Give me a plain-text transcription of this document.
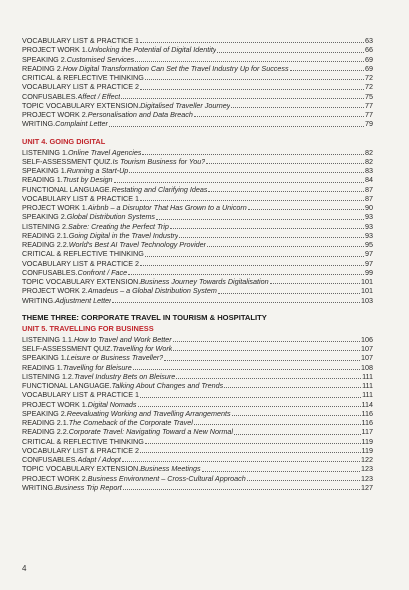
VOCABULARY LIST & PRACTICE 1	63
PROJECT WORK 1. Unlocking the Potential of Digital Identity	66
SPEAKING 2. Customised Services	69
READING 2. How Digital Transformation Can Set the Travel Industry Up for Success	69
CRITICAL & REFLECTIVE THINKING	72
VOCABULARY LIST & PRACTICE 2	72
CONFUSABLES. Affect / Effect	75
TOPIC VOCABULARY EXTENSION. Digitalised Traveller Journey	77
PROJECT WORK 2. Personalisation and Data Breach	77
WRITING. Complaint Letter	79
UNIT 4. GOING DIGITAL
LISTENING 1. Online Travel Agencies	82
SELF-ASSESSMENT QUIZ. Is Tourism Business for You?	82
SPEAKING 1. Running a Start-Up	83
READING 1. Trust by Design	84
FUNCTIONAL LANGUAGE. Restating and Clarifying Ideas	87
VOCABULARY LIST & PRACTICE 1	87
PROJECT WORK 1. Airbnb – a Disruptor That Has Grown to a Unicorn	90
SPEAKING 2. Global Distribution Systems	93
LISTENING 2. Sabre: Creating the Perfect Trip	93
READING 2.1. Going Digital in the Travel Industry	93
READING 2.2. World's Best AI Travel Technology Provider	95
CRITICAL & REFLECTIVE THINKING	97
VOCABULARY LIST & PRACTICE 2	97
CONFUSABLES. Confront / Face	99
TOPIC VOCABULARY EXTENSION. Business Journey Towards Digitalisation	101
PROJECT WORK 2. Amadeus – a Global Distribution System	101
WRITING. Adjustment Letter	103
THEME THREE: CORPORATE TRAVEL IN TOURISM & HOSPITALITY
UNIT 5. TRAVELLING FOR BUSINESS
LISTENING 1.1. How to Travel and Work Better	106
SELF-ASSESSMENT QUIZ. Travelling for Work	107
SPEAKING 1. Leisure or Business Traveller?	107
READING 1. Travelling for Bleisure	108
LISTENING 1.2. Travel Industry Bets on Bleisure	111
FUNCTIONAL LANGUAGE. Talking About Changes and Trends	111
VOCABULARY LIST & PRACTICE 1	111
PROJECT WORK 1. Digital Nomads	114
SPEAKING 2. Reevaluating Working and Travelling Arrangements	116
READING 2.1. The Comeback of the Corporate Travel	116
READING 2.2. Corporate Travel: Navigating Toward a New Normal	117
CRITICAL & REFLECTIVE THINKING	119
VOCABULARY LIST & PRACTICE 2	119
CONFUSABLES. Adapt / Adopt	122
TOPIC VOCABULARY EXTENSION. Business Meetings	123
PROJECT WORK 2. Business Environment – Cross-Cultural Approach	123
WRITING. Business Trip Report	127
4
